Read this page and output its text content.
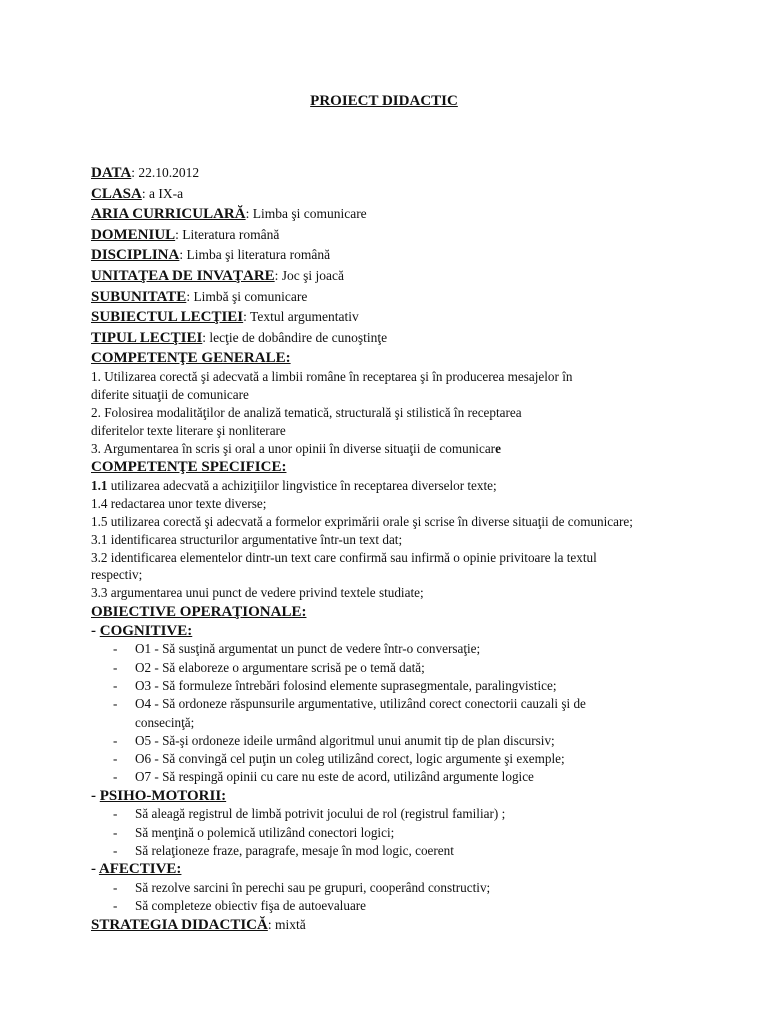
PROIECT DIDACTIC
DATA: 22.10.2012
CLASA: a IX-a
ARIA CURRICULARĂ: Limba şi comunicare
DOMENIUL: Literatura română
DISCIPLINA: Limba şi literatura română
UNITAŢEA DE INVAŢARE: Joc şi joacă
SUBUNITATE: Limbă şi comunicare
SUBIECTUL LECŢIEI: Textul argumentativ
TIPUL LECŢIEI: lecţie de dobândire de cunoştinţe
COMPETENŢE GENERALE:
1. Utilizarea corectă şi adecvată a limbii române în receptarea şi în producerea mesajelor în
diferite situaţii de comunicare
2. Folosirea modalităţilor de analiză tematică, structurală şi stilistică în receptarea
diferitelor texte literare şi nonliterare
3. Argumentarea în scris şi oral a unor opinii în diverse situaţii de comunicare
COMPETENŢE SPECIFICE:
1.1 utilizarea adecvată a achiziţiilor lingvistice în receptarea diverselor texte;
1.4 redactarea unor texte diverse;
1.5 utilizarea corectă şi adecvată a formelor exprimării orale şi scrise în diverse situaţii de comunicare;
3.1 identificarea structurilor argumentative într-un text dat;
3.2 identificarea elementelor dintr-un text care confirmă sau infirmă o opinie privitoare la textul
respectiv;
3.3 argumentarea unui punct de vedere privind textele studiate;
OBIECTIVE OPERAŢIONALE:
- COGNITIVE:
- O1 - Să susţină argumentat un punct de vedere într-o conversaţie;
- O2 - Să elaboreze o argumentare scrisă pe o temă dată;
- O3 - Să formuleze întrebări folosind elemente suprasegmentale, paralingvistice;
- O4 - Să ordoneze răspunsurile argumentative, utilizând corect conectorii cauzali şi de
consecinţă;
- O5 - Să-şi ordoneze ideile urmând algoritmul unui anumit tip de plan discursiv;
- O6 - Să convingă cel puţin un coleg utilizând corect, logic argumente şi exemple;
- O7 - Să respingă opinii cu care nu este de acord, utilizând argumente logice
- PSIHO-MOTORII:
- Să aleagă registrul de limbă potrivit jocului de rol (registrul familiar) ;
- Să menţină o polemică utilizând conectori logici;
- Să relaţioneze fraze, paragrafe, mesaje în mod logic, coerent
- AFECTIVE:
- Să rezolve sarcini în perechi sau pe grupuri, cooperând constructiv;
- Să completeze obiectiv fişa de autoevaluare
STRATEGIA DIDACTICĂ: mixtă
